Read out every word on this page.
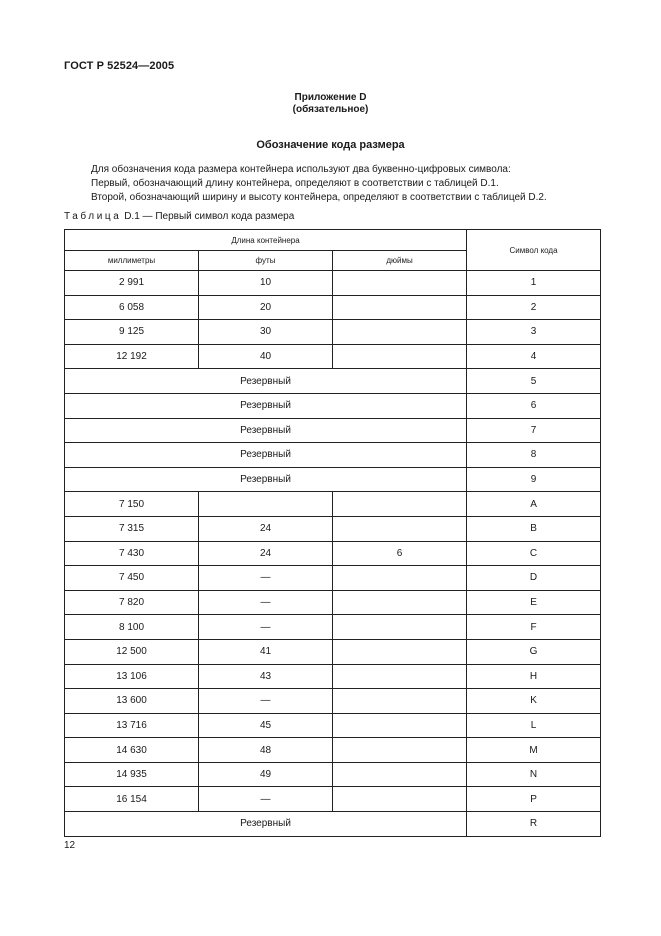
ГОСТ Р 52524—2005
Приложение D
(обязательное)
Обозначение кода размера
Для обозначения кода размера контейнера используют два буквенно-цифровых символа:
Первый, обозначающий длину контейнера, определяют в соответствии с таблицей D.1.
Второй, обозначающий ширину и высоту контейнера, определяют в соответствии с таблицей D.2.
Таблица D.1 — Первый символ кода размера
Длина контейнера			Символ кода
миллиметры	футы	дюймы	
2 991	10		1
6 058	20		2
9 125	30		3
12 192	40		4
Резервный			5
Резервный			6
Резервный			7
Резервный			8
Резервный			9
7 150			A
7 315	24		B
7 430	24	6	C
7 450	—		D
7 820	—		E
8 100	—		F
12 500	41		G
13 106	43		H
13 600	—		K
13 716	45		L
14 630	48		M
14 935	49		N
16 154	—		P
Резервный			R
12
